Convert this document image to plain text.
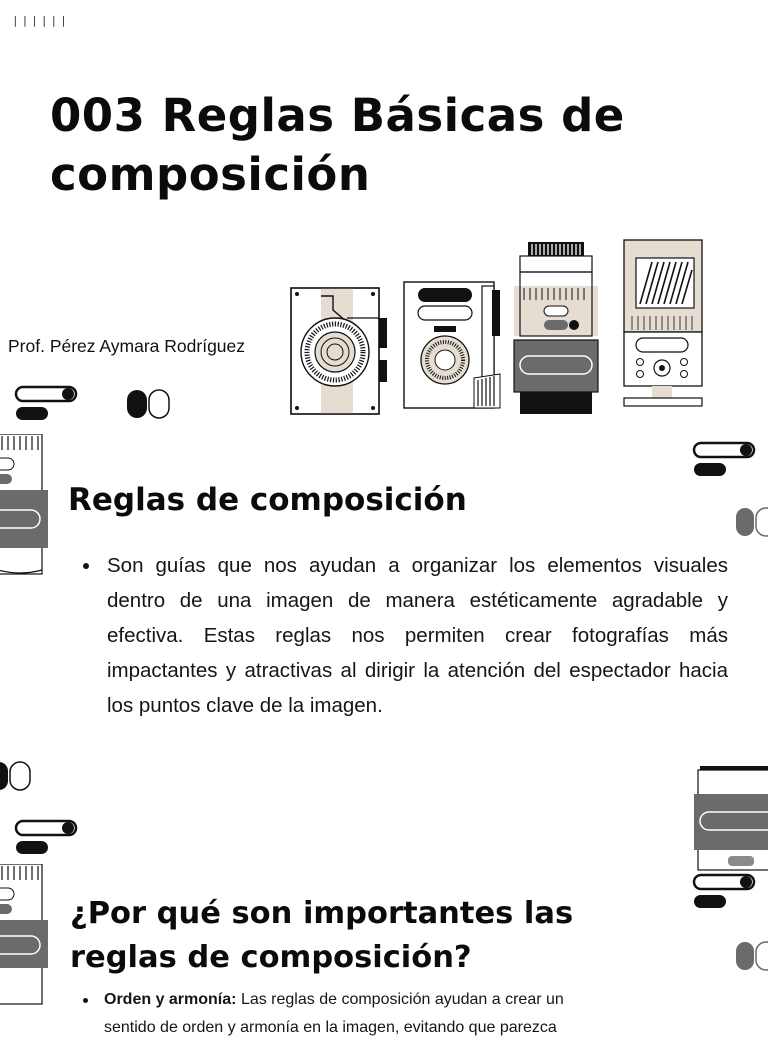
||||||
003 Reglas Básicas de composición
Prof. Pérez Aymara Rodríguez
Reglas de composición
Son guías que nos ayudan a organizar los elementos visuales dentro de una imagen de manera estéticamente agradable y efectiva. Estas reglas nos permiten crear fotografías más impactantes y atractivas al dirigir la atención del espectador hacia los puntos clave de la imagen.
¿Por qué son importantes las reglas de composición?
Orden y armonía: Las reglas de composición ayudan a crear un
sentido de orden y armonía en la imagen, evitando que parezca
